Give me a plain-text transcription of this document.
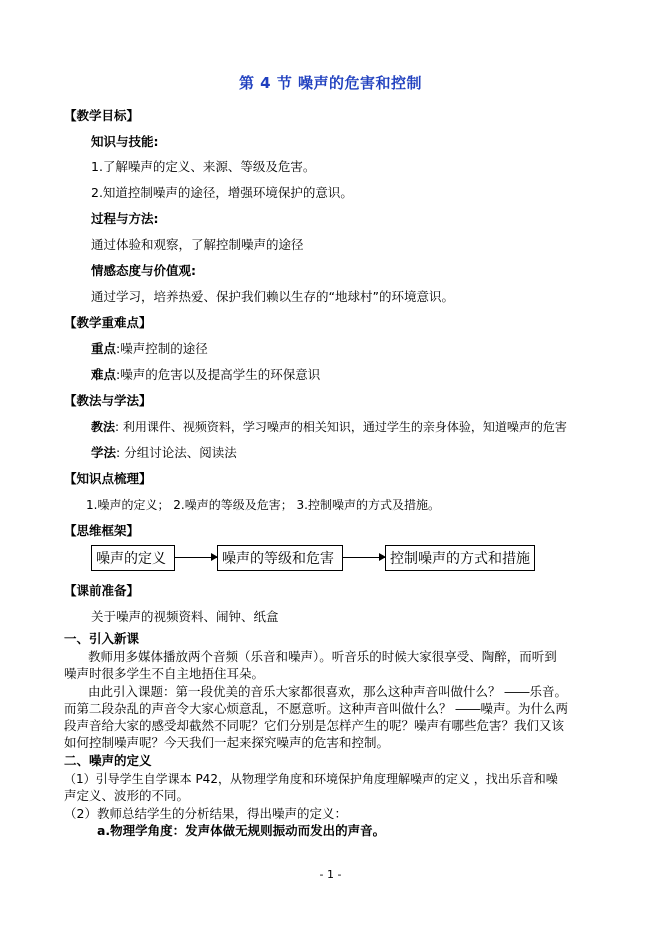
第 4 节 噪声的危害和控制
【教学目标】
知识与技能:
1.了解噪声的定义、来源、等级及危害。
2.知道控制噪声的途径，增强环境保护的意识。
过程与方法:
通过体验和观察，了解控制噪声的途径
情感态度与价值观:
通过学习，培养热爱、保护我们赖以生存的“地球村”的环境意识。
【教学重难点】
重点:噪声控制的途径
难点:噪声的危害以及提高学生的环保意识
【教法与学法】
教法: 利用课件、视频资料，学习噪声的相关知识，通过学生的亲身体验，知道噪声的危害
学法: 分组讨论法、阅读法
【知识点梳理】
1.噪声的定义； 2.噪声的等级及危害； 3.控制噪声的方式及措施。
【思维框架】
噪声的定义	噪声的等级和危害	控制噪声的方式和措施
【课前准备】
关于噪声的视频资料、闹钟、纸盒
一、引入新课
教师用多媒体播放两个音频（乐音和噪声）。听音乐的时候大家很享受、陶醉，而听到
噪声时很多学生不自主地捂住耳朵。
由此引入课题：第一段优美的音乐大家都很喜欢，那么这种声音叫做什么？ ――乐音。
而第二段杂乱的声音令大家心烦意乱，不愿意听。这种声音叫做什么？ ――噪声。为什么两
段声音给大家的感受却截然不同呢？它们分别是怎样产生的呢？噪声有哪些危害？我们又该
如何控制噪声呢？今天我们一起来探究噪声的危害和控制。
二、噪声的定义
（1）引导学生自学课本 P42，从物理学角度和环境保护角度理解噪声的定义 ，找出乐音和噪
声定义、波形的不同。
（2）教师总结学生的分析结果，得出噪声的定义：
a.物理学角度：发声体做无规则振动而发出的声音。
- 1 -
